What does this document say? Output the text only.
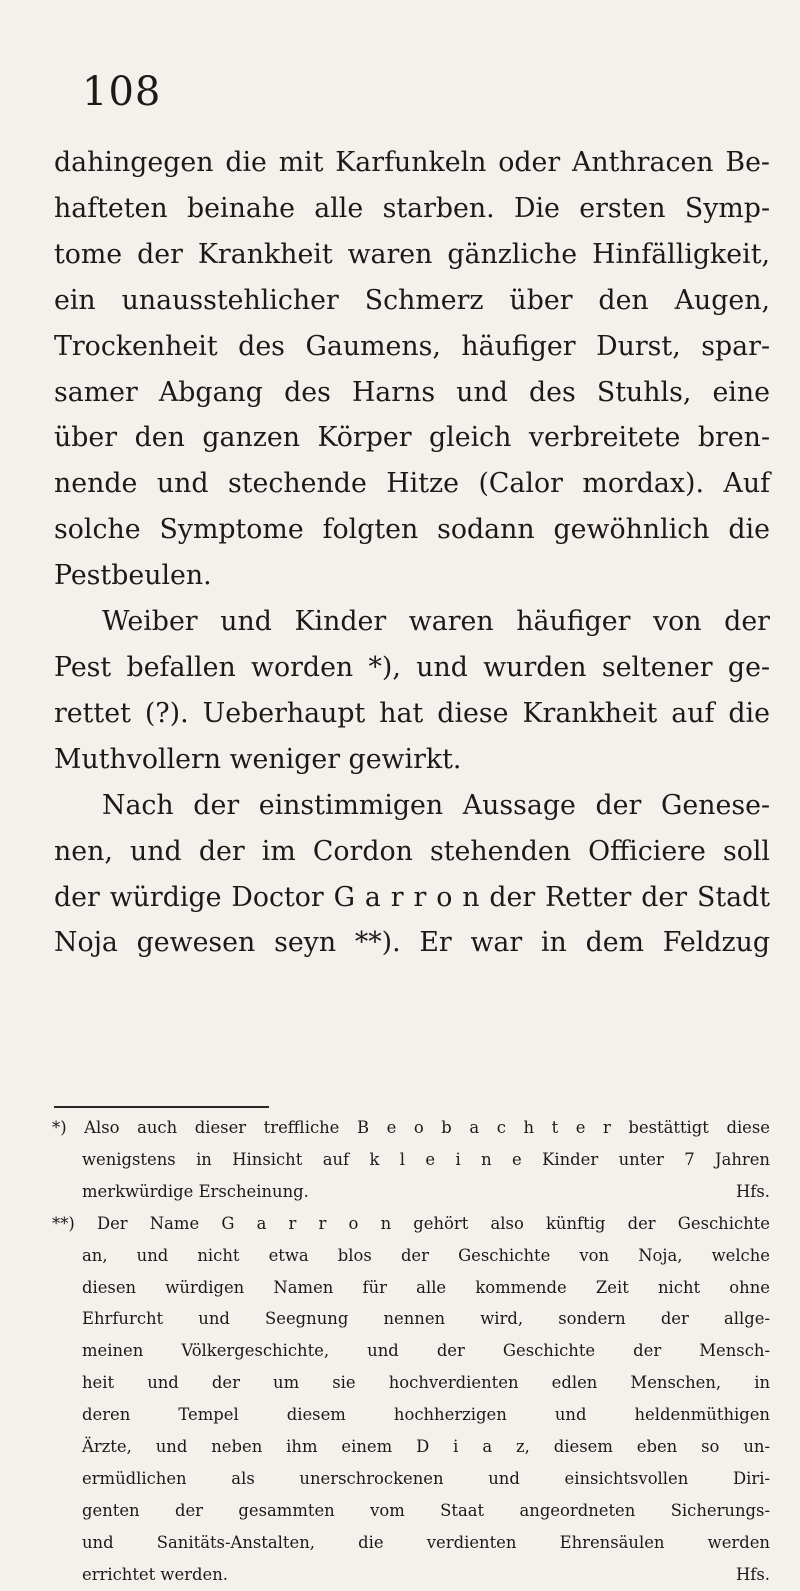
108
dahingegen die mit Karfunkeln oder Anthracen Be-
hafteten beinahe alle starben. Die ersten Symp-
tome der Krankheit waren gänzliche Hinfälligkeit,
ein unausstehlicher Schmerz über den Augen,
Trockenheit des Gaumens, häufiger Durst, spar-
samer Abgang des Harns und des Stuhls, eine
über den ganzen Körper gleich verbreitete bren-
nende und stechende Hitze (Calor mordax). Auf
solche Symptome folgten sodann gewöhnlich die
Pestbeulen.
Weiber und Kinder waren häufiger von der
Pest befallen worden *), und wurden seltener ge-
rettet (?). Ueberhaupt hat diese Krankheit auf die
Muthvollern weniger gewirkt.
Nach der einstimmigen Aussage der Genese-
nen, und der im Cordon stehenden Officiere soll
der würdige Doctor G a r r o n der Retter der Stadt
Noja gewesen seyn **). Er war in dem Feldzug
*) Also auch dieser treffliche B e o b a c h t e r bestättigt diese
wenigstens in Hinsicht auf k l e i n e Kinder unter 7 Jahren
merkwürdige Erscheinung.	Hfs.
**) Der Name G a r r o n gehört also künftig der Geschichte
an, und nicht etwa blos der Geschichte von Noja, welche
diesen würdigen Namen für alle kommende Zeit nicht ohne
Ehrfurcht und Seegnung nennen wird, sondern der allge-
meinen Völkergeschichte, und der Geschichte der Mensch-
heit und der um sie hochverdienten edlen Menschen, in
deren Tempel diesem hochherzigen und heldenmüthigen
Ärzte, und neben ihm einem D i a z, diesem eben so un-
ermüdlichen als unerschrockenen und einsichtsvollen Diri-
genten der gesammten vom Staat angeordneten Sicherungs-
und Sanitäts-Anstalten, die verdienten Ehrensäulen werden
errichtet werden.	Hfs.
